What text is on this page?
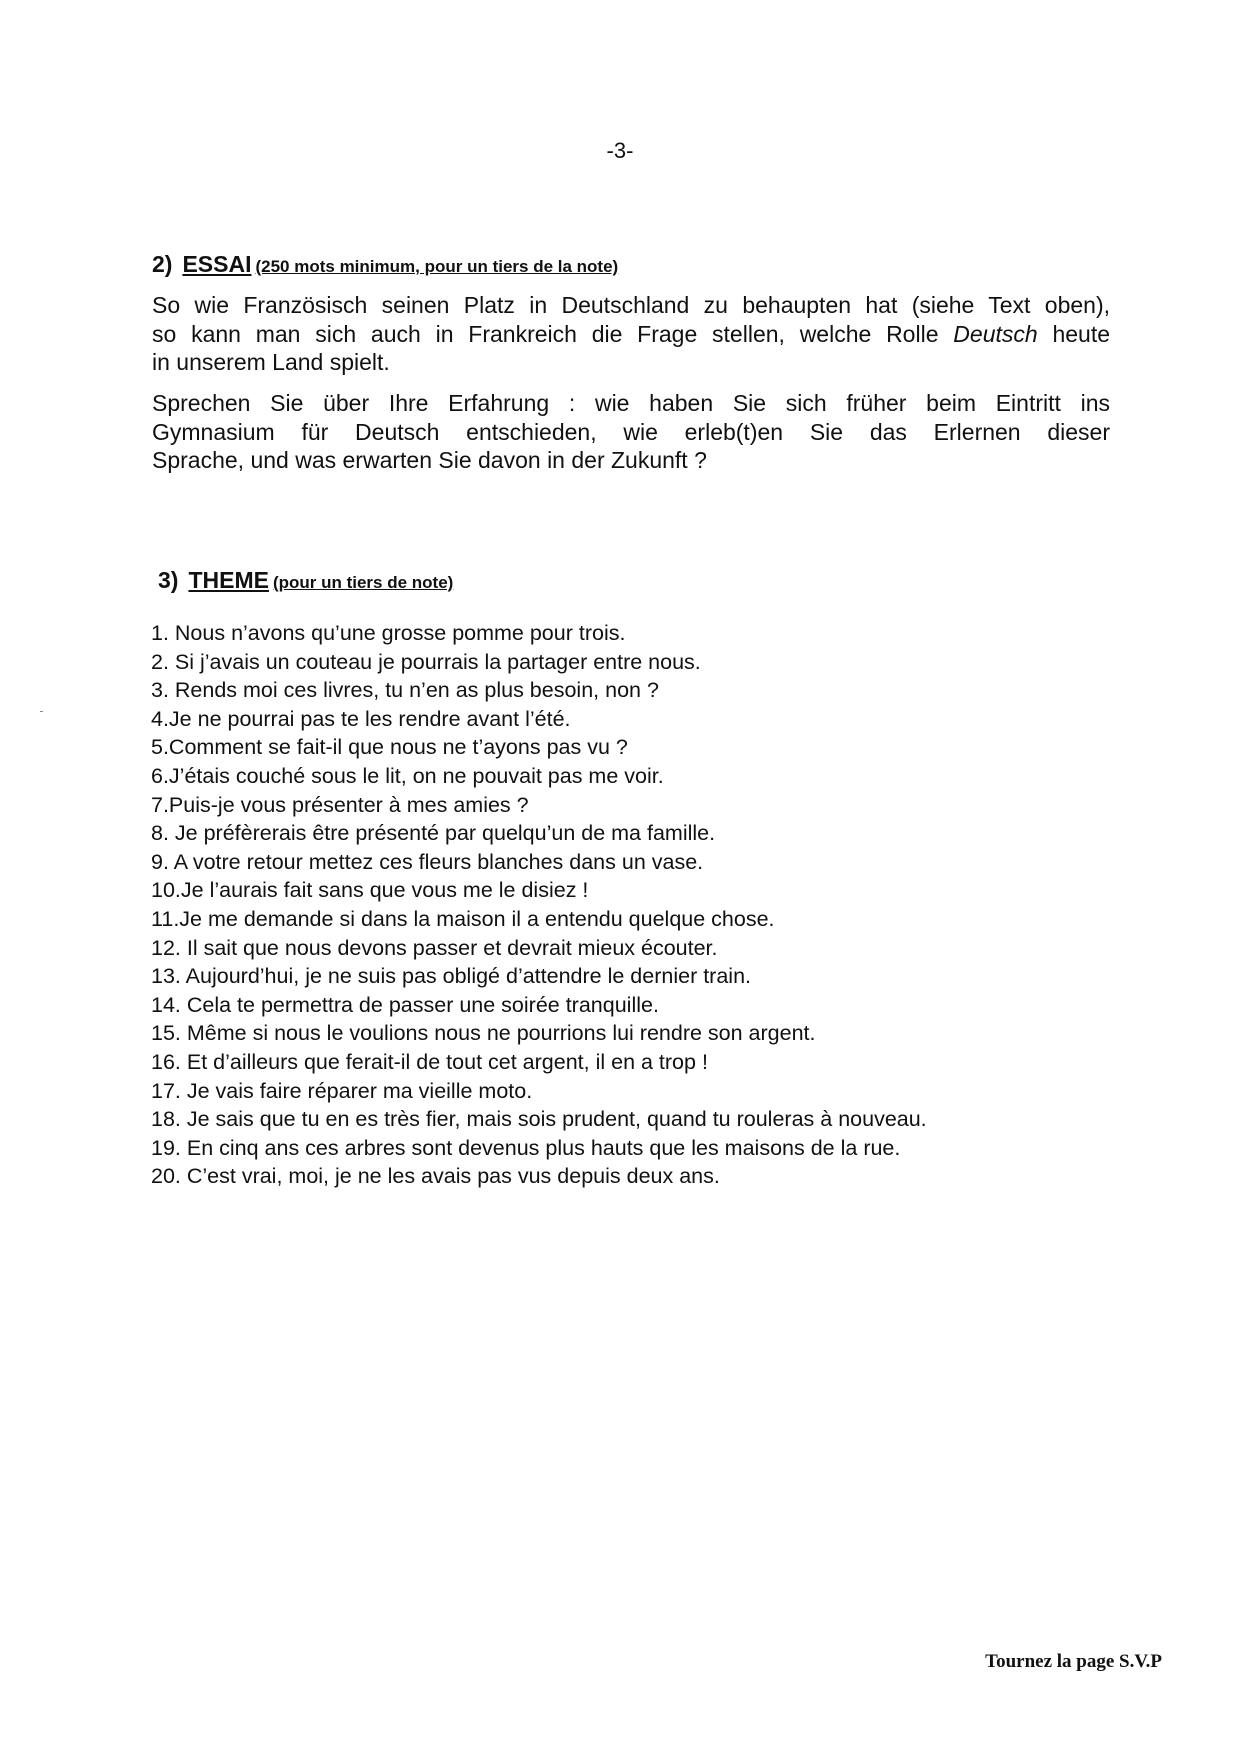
-3-
2) ESSAI (250 mots minimum, pour un tiers de la note)
So wie Französisch seinen Platz in Deutschland zu behaupten hat (siehe Text oben),
so kann man sich auch in Frankreich die Frage stellen, welche Rolle Deutsch heute
in unserem Land spielt.
Sprechen Sie über Ihre Erfahrung : wie haben Sie sich früher beim Eintritt ins
Gymnasium für Deutsch entschieden, wie erleb(t)en Sie das Erlernen dieser
Sprache, und was erwarten Sie davon in der Zukunft ?
3) THEME (pour un tiers de note)
1. Nous n’avons qu’une grosse pomme pour trois.
2. Si j’avais un couteau je pourrais la partager entre nous.
3. Rends moi ces livres, tu n’en as plus besoin, non ?
4.Je ne pourrai pas te les rendre avant l’été.
5.Comment se fait-il que nous ne t’ayons pas vu ?
6.J’étais couché sous le lit, on ne pouvait pas me voir.
7.Puis-je vous présenter à mes amies ?
8. Je préfèrerais être présenté par quelqu’un de ma famille.
9. A votre retour mettez ces fleurs blanches dans un vase.
10.Je l’aurais fait sans que vous me le disiez !
11.Je me demande si dans la maison il a entendu quelque chose.
12. Il sait que nous devons passer et devrait mieux écouter.
13. Aujourd’hui, je ne suis pas obligé d’attendre le dernier train.
14. Cela te permettra de passer une soirée tranquille.
15. Même si nous le voulions nous ne pourrions lui rendre son argent.
16. Et d’ailleurs que ferait-il de tout cet argent, il en a trop !
17. Je vais faire réparer ma vieille moto.
18. Je sais que tu en es très fier, mais sois prudent, quand tu rouleras à nouveau.
19. En cinq ans ces arbres sont devenus plus hauts que les maisons de la rue.
20. C’est vrai, moi, je ne les avais pas vus depuis deux ans.
Tournez la page S.V.P
